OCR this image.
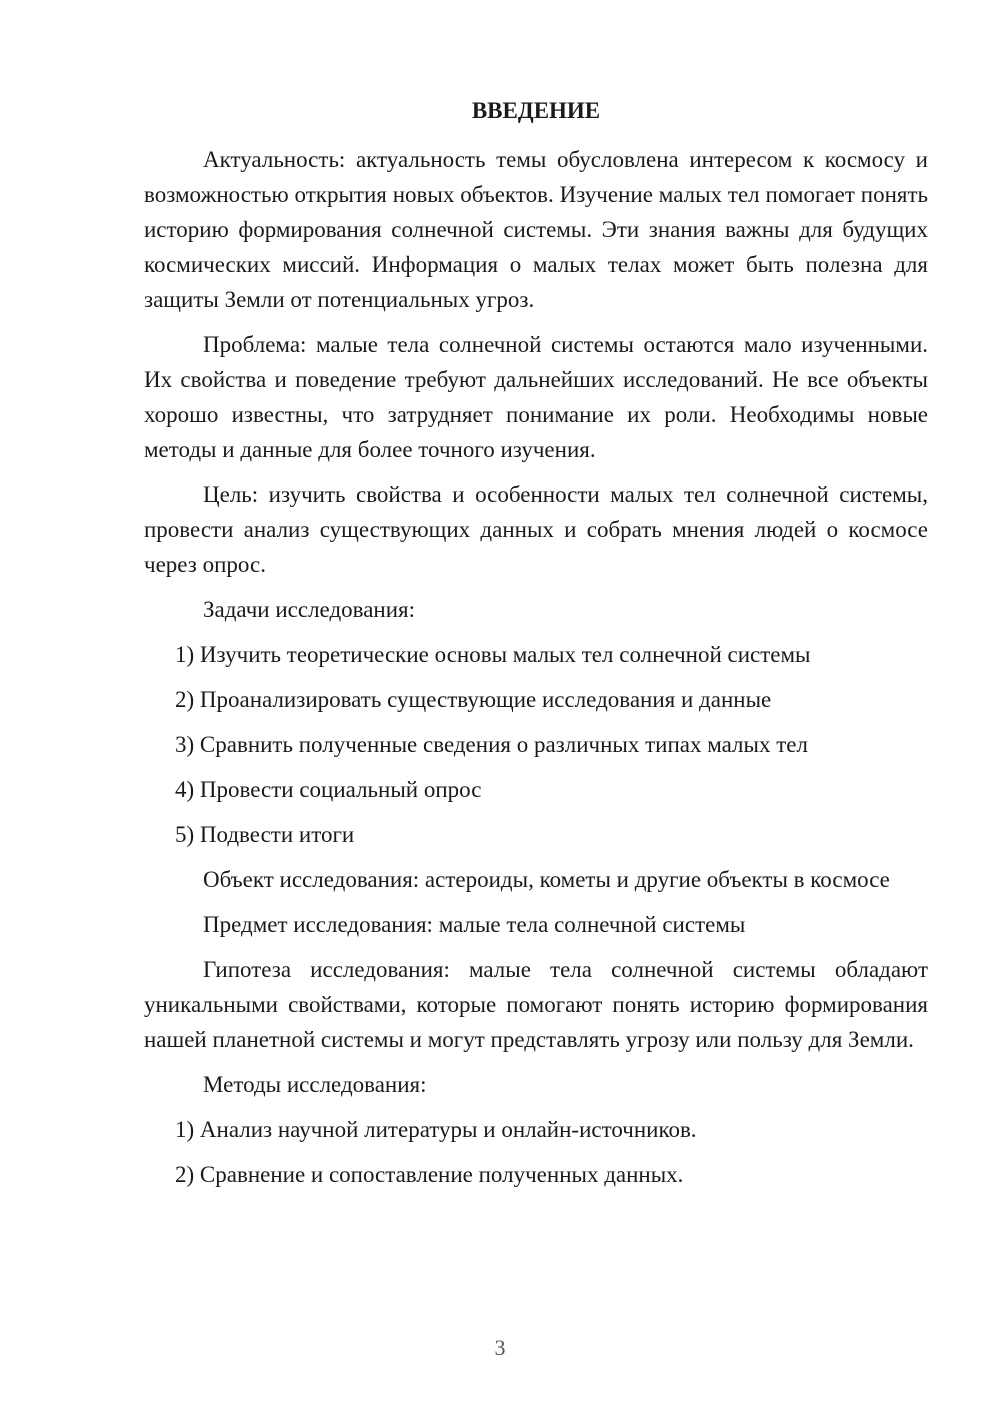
ВВЕДЕНИЕ

Актуальность: актуальность темы обусловлена интересом к космосу и возможностью открытия новых объектов. Изучение малых тел помогает понять историю формирования солнечной системы. Эти знания важны для будущих космических миссий. Информация о малых телах может быть полезна для защиты Земли от потенциальных угроз.

Проблема: малые тела солнечной системы остаются мало изученными. Их свойства и поведение требуют дальнейших исследований. Не все объекты хорошо известны, что затрудняет понимание их роли. Необходимы новые методы и данные для более точного изучения.

Цель: изучить свойства и особенности малых тел солнечной системы, провести анализ существующих данных и собрать мнения людей о космосе через опрос.

Задачи исследования:

1) Изучить теоретические основы малых тел солнечной системы

2) Проанализировать существующие исследования и данные

3) Сравнить полученные сведения о различных типах малых тел

4) Провести социальный опрос

5) Подвести итоги

Объект исследования: астероиды, кометы и другие объекты в космосе

Предмет исследования: малые тела солнечной системы

Гипотеза исследования: малые тела солнечной системы обладают уникальными свойствами, которые помогают понять историю формирования нашей планетной системы и могут представлять угрозу или пользу для Земли.

Методы исследования:

1) Анализ научной литературы и онлайн-источников.

2) Сравнение и сопоставление полученных данных.

3
